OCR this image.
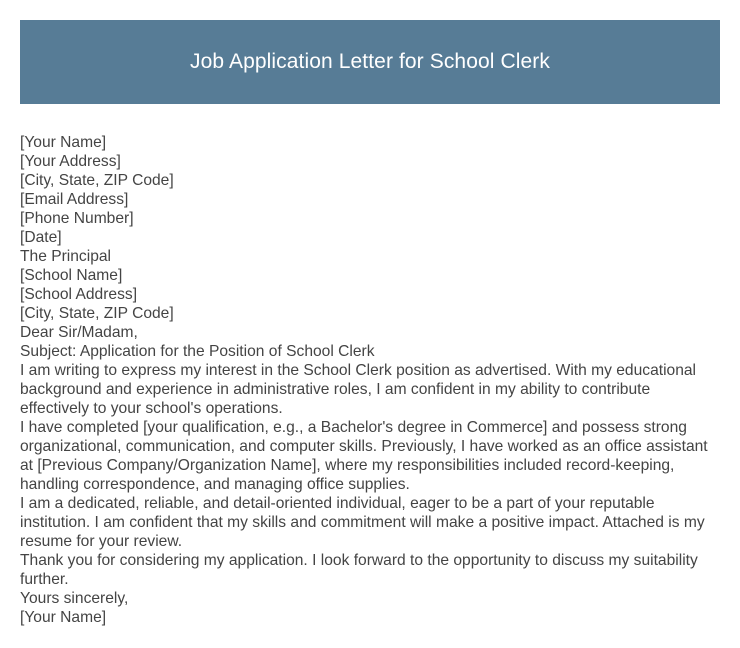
Job Application Letter for School Clerk
[Your Name]
[Your Address]
[City, State, ZIP Code]
[Email Address]
[Phone Number]
[Date]
The Principal
[School Name]
[School Address]
[City, State, ZIP Code]
Dear Sir/Madam,
Subject: Application for the Position of School Clerk

I am writing to express my interest in the School Clerk position as advertised. With my educational background and experience in administrative roles, I am confident in my ability to contribute effectively to your school's operations.

I have completed [your qualification, e.g., a Bachelor's degree in Commerce] and possess strong organizational, communication, and computer skills. Previously, I have worked as an office assistant at [Previous Company/Organization Name], where my responsibilities included record-keeping, handling correspondence, and managing office supplies.

I am a dedicated, reliable, and detail-oriented individual, eager to be a part of your reputable institution. I am confident that my skills and commitment will make a positive impact. Attached is my resume for your review.

Thank you for considering my application. I look forward to the opportunity to discuss my suitability further.

Yours sincerely,
[Your Name]
